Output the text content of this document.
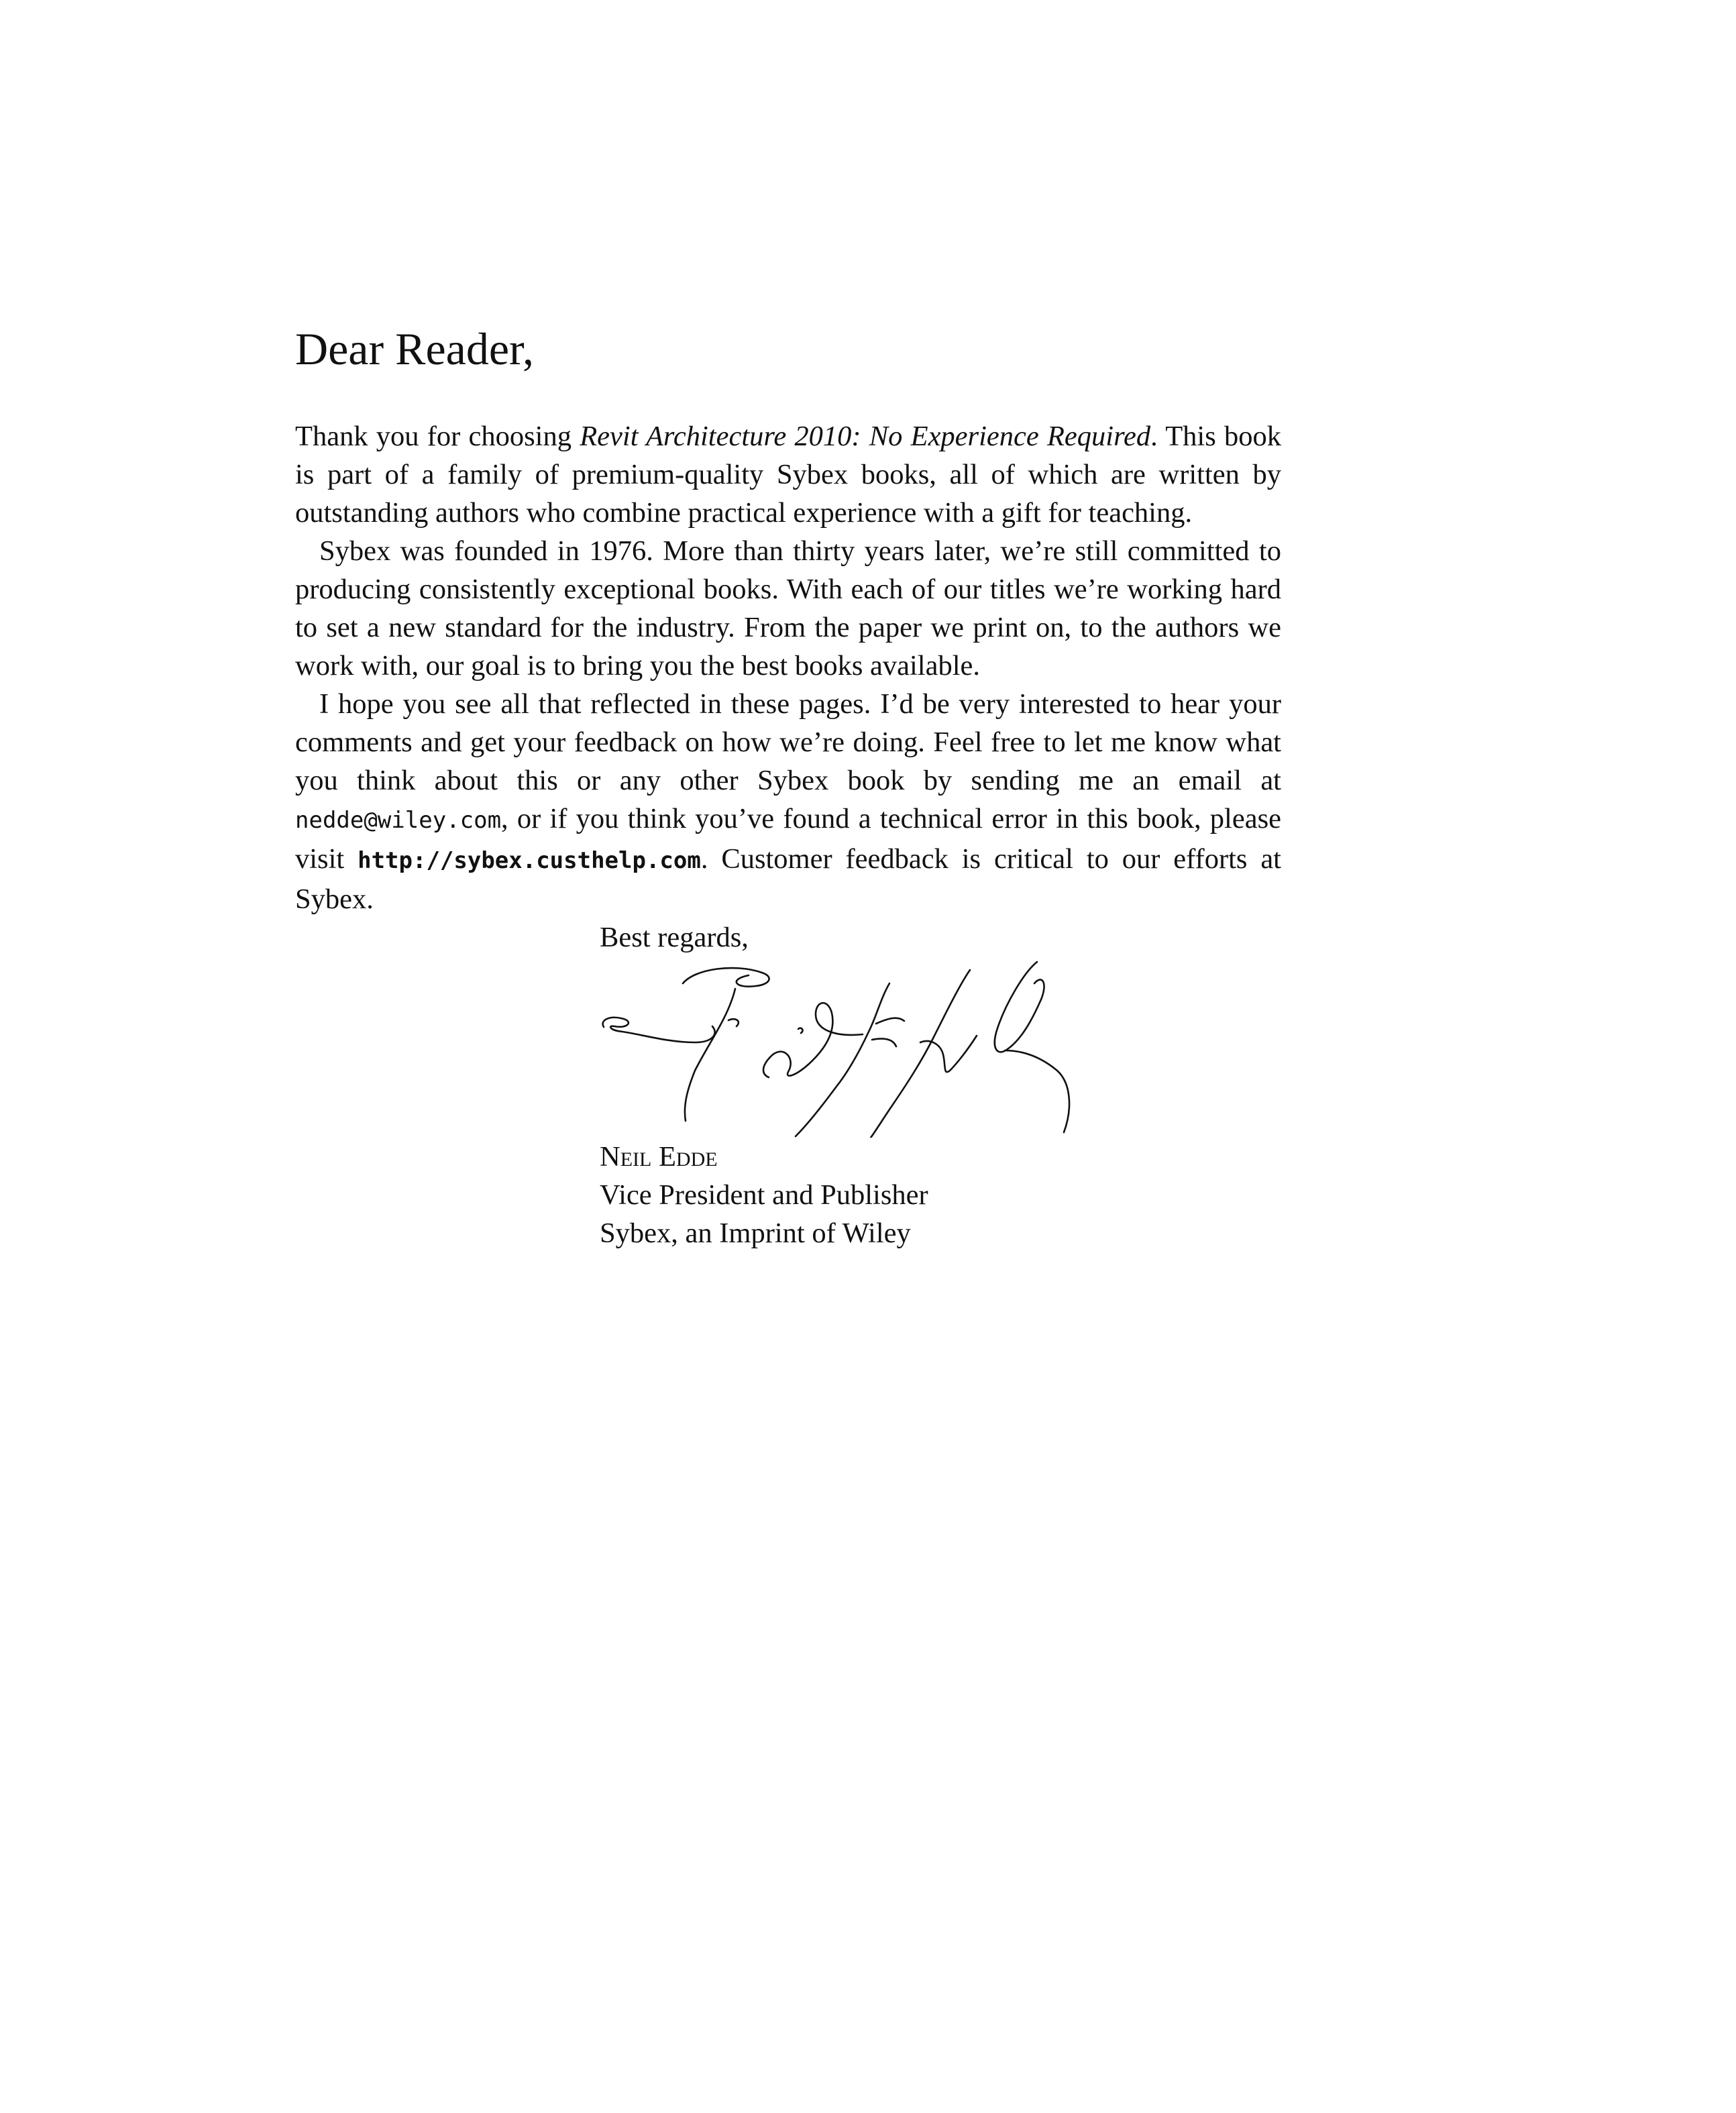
Dear Reader,

Thank you for choosing Revit Architecture 2010: No Experience Required. This book is part of a family of premium-quality Sybex books, all of which are written by outstanding authors who combine practical experience with a gift for teaching.

Sybex was founded in 1976. More than thirty years later, we’re still committed to producing consistently exceptional books. With each of our titles we’re working hard to set a new standard for the industry. From the paper we print on, to the authors we work with, our goal is to bring you the best books available.

I hope you see all that reflected in these pages. I’d be very interested to hear your comments and get your feedback on how we’re doing. Feel free to let me know what you think about this or any other Sybex book by sending me an email at nedde@wiley.com, or if you think you’ve found a technical error in this book, please visit http://sybex.custhelp.com. Customer feedback is critical to our efforts at Sybex.

Best regards,
Neil Edde
Vice President and Publisher
Sybex, an Imprint of Wiley
